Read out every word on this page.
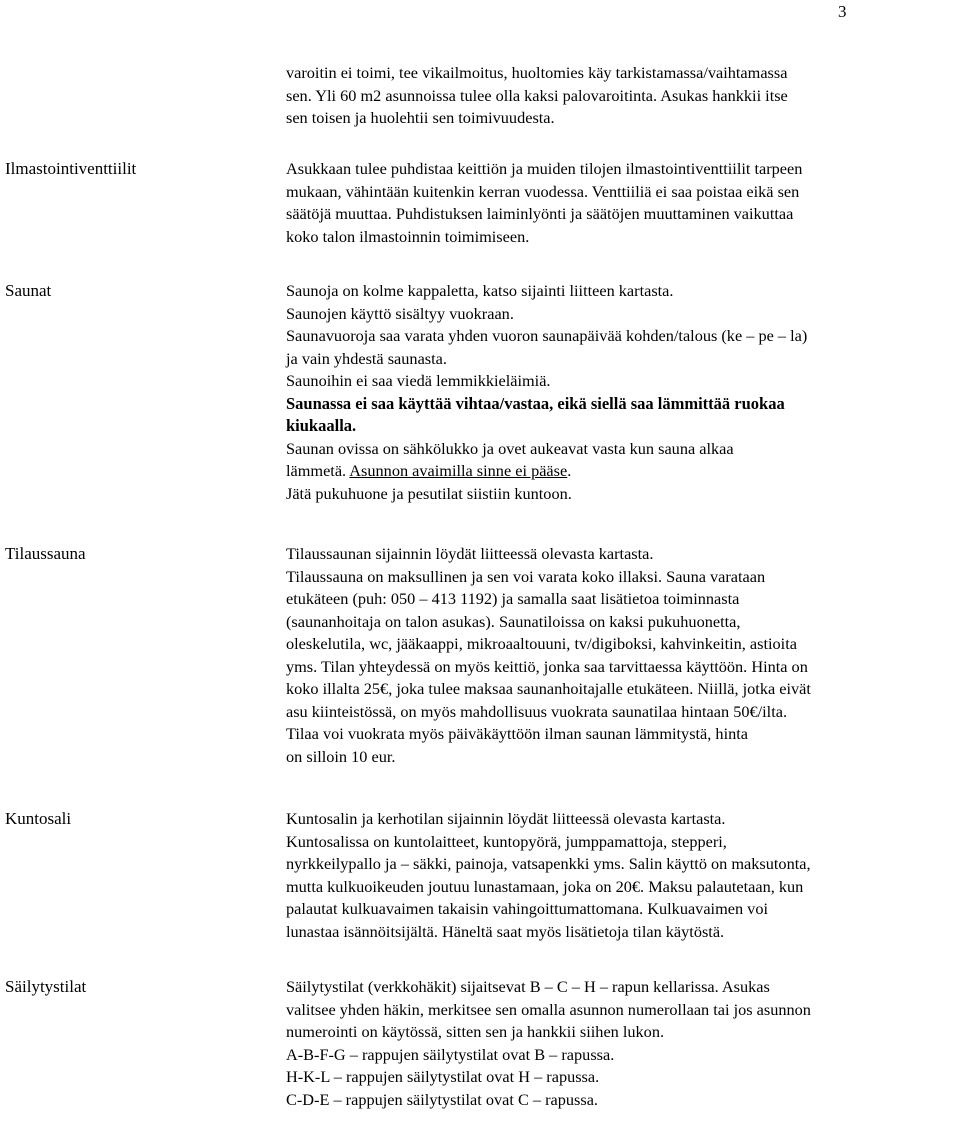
3
varoitin ei toimi, tee vikailmoitus, huoltomies käy tarkistamassa/vaihtamassa
sen. Yli 60 m2 asunnoissa tulee olla kaksi palovaroitinta. Asukas hankkii itse
sen toisen ja huolehtii sen toimivuudesta.
Ilmastointiventtiilit	Asukkaan tulee puhdistaa keittiön ja muiden tilojen ilmastointiventtiilit tarpeen
mukaan, vähintään kuitenkin kerran vuodessa. Venttiiliä ei saa poistaa eikä sen
säätöjä muuttaa. Puhdistuksen laiminlyönti ja säätöjen muuttaminen vaikuttaa
koko talon ilmastoinnin toimimiseen.
Saunat	Saunoja on kolme kappaletta, katso sijainti liitteen kartasta.
Saunojen käyttö sisältyy vuokraan.
Saunavuoroja saa varata yhden vuoron saunapäivää kohden/talous (ke – pe – la)
ja vain yhdestä saunasta.
Saunoihin ei saa viedä lemmikkieläimiä.
Saunassa ei saa käyttää vihtaa/vastaa, eikä siellä saa lämmittää ruokaa
kiukaalla.
Saunan ovissa on sähkölukko ja ovet aukeavat vasta kun sauna alkaa
lämmetä. Asunnon avaimilla sinne ei pääse.
Jätä pukuhuone ja pesutilat siistiin kuntoon.
Tilaussauna	Tilaussaunan sijainnin löydät liitteessä olevasta kartasta.
Tilaussauna on maksullinen ja sen voi varata koko illaksi. Sauna varataan
etukäteen (puh: 050 – 413 1192) ja samalla saat lisätietoa toiminnasta
(saunanhoitaja on talon asukas). Saunatiloissa on kaksi pukuhuonetta,
oleskelutila, wc, jääkaappi, mikroaaltouuni, tv/digiboksi, kahvinkeitin, astioita
yms. Tilan yhteydessä on myös keittiö, jonka saa tarvittaessa käyttöön. Hinta on
koko illalta 25€, joka tulee maksaa saunanhoitajalle etukäteen. Niillä, jotka eivät
asu kiinteistössä, on myös mahdollisuus vuokrata saunatilaa hintaan 50€/ilta.
Tilaa voi vuokrata myös päiväkäyttöön ilman saunan lämmitystä, hinta
on silloin 10 eur.
Kuntosali	Kuntosalin ja kerhotilan sijainnin löydät liitteessä olevasta kartasta.
Kuntosalissa on kuntolaitteet, kuntopyörä, jumppamattoja, stepperi,
nyrkkeilypallo ja – säkki, painoja, vatsapenkki yms. Salin käyttö on maksutonta,
mutta kulkuoikeuden joutuu lunastamaan, joka on 20€. Maksu palautetaan, kun
palautat kulkuavaimen takaisin vahingoittumattomana. Kulkuavaimen voi
lunastaa isännöitsijältä. Häneltä saat myös lisätietoja tilan käytöstä.
Säilytystilat	Säilytystilat (verkkohäkit) sijaitsevat B – C – H – rapun kellarissa. Asukas
valitsee yhden häkin, merkitsee sen omalla asunnon numerollaan tai jos asunnon
numerointi on käytössä, sitten sen ja hankkii siihen lukon.
A-B-F-G – rappujen säilytystilat ovat B – rapussa.
H-K-L – rappujen säilytystilat ovat H – rapussa.
C-D-E – rappujen säilytystilat ovat C – rapussa.
